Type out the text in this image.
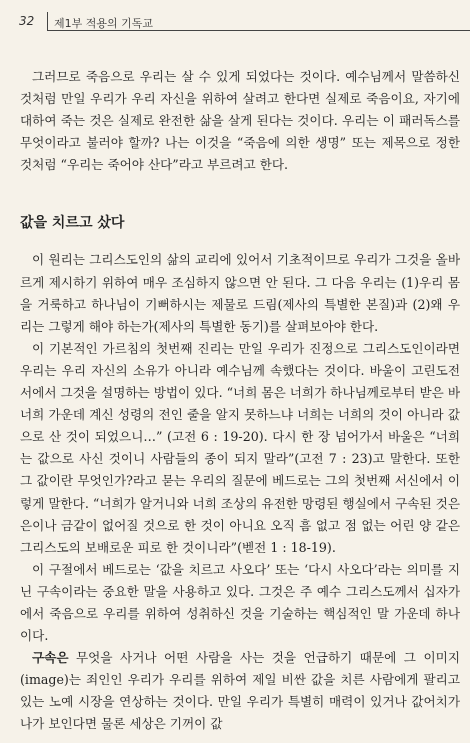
32 제1부 적용의 기독교

그러므로 죽음으로 우리는 살 수 있게 되었다는 것이다. 예수님께서 말씀하신 것처럼 만일 우리가 우리 자신을 위하여 살려고 한다면 실제로 죽음이요, 자기에 대하여 죽는 것은 실제로 완전한 삶을 살게 된다는 것이다. 우리는 이 패러독스를 무엇이라고 불러야 할까? 나는 이것을 “죽음에 의한 생명” 또는 제목으로 정한 것처럼 “우리는 죽어야 산다”라고 부르려고 한다.

값을 치르고 샀다

이 원리는 그리스도인의 삶의 교리에 있어서 기초적이므로 우리가 그것을 올바르게 제시하기 위하여 매우 조심하지 않으면 안 된다. 그 다음 우리는 (1)우리 몸을 거룩하고 하나님이 기뻐하시는 제물로 드림(제사의 특별한 본질)과 (2)왜 우리는 그렇게 해야 하는가(제사의 특별한 동기)를 살펴보아야 한다.

이 기본적인 가르침의 첫번째 진리는 만일 우리가 진정으로 그리스도인이라면 우리는 우리 자신의 소유가 아니라 예수님께 속했다는 것이다. 바울이 고린도전서에서 그것을 설명하는 방법이 있다. “너희 몸은 너희가 하나님께로부터 받은 바 너희 가운데 계신 성령의 전인 줄을 알지 못하느냐 너희는 너희의 것이 아니라 값으로 산 것이 되었으니…” (고전 6 : 19-20). 다시 한 장 넘어가서 바울은 “너희는 값으로 사신 것이니 사람들의 종이 되지 말라”(고전 7 : 23)고 말한다. 또한 그 값이란 무엇인가?라고 묻는 우리의 질문에 베드로는 그의 첫번째 서신에서 이렇게 말한다. “너희가 알거니와 너희 조상의 유전한 망령된 행실에서 구속된 것은 은이나 금같이 없어질 것으로 한 것이 아니요 오직 흠 없고 점 없는 어린 양 같은 그리스도의 보배로운 피로 한 것이니라”(벧전 1 : 18-19).

이 구절에서 베드로는 ‘값을 치르고 사오다’ 또는 ‘다시 사오다’라는 의미를 지닌 구속이라는 중요한 말을 사용하고 있다. 그것은 주 예수 그리스도께서 십자가에서 죽음으로 우리를 위하여 성취하신 것을 기술하는 핵심적인 말 가운데 하나이다.

구속은 무엇을 사거나 어떤 사람을 사는 것을 언급하기 때문에 그 이미지(image)는 죄인인 우리가 우리를 위하여 제일 비싼 값을 치른 사람에게 팔리고 있는 노예 시장을 연상하는 것이다. 만일 우리가 특별히 매력이 있거나 값어치가 나가 보인다면 물론 세상은 기꺼이 값
